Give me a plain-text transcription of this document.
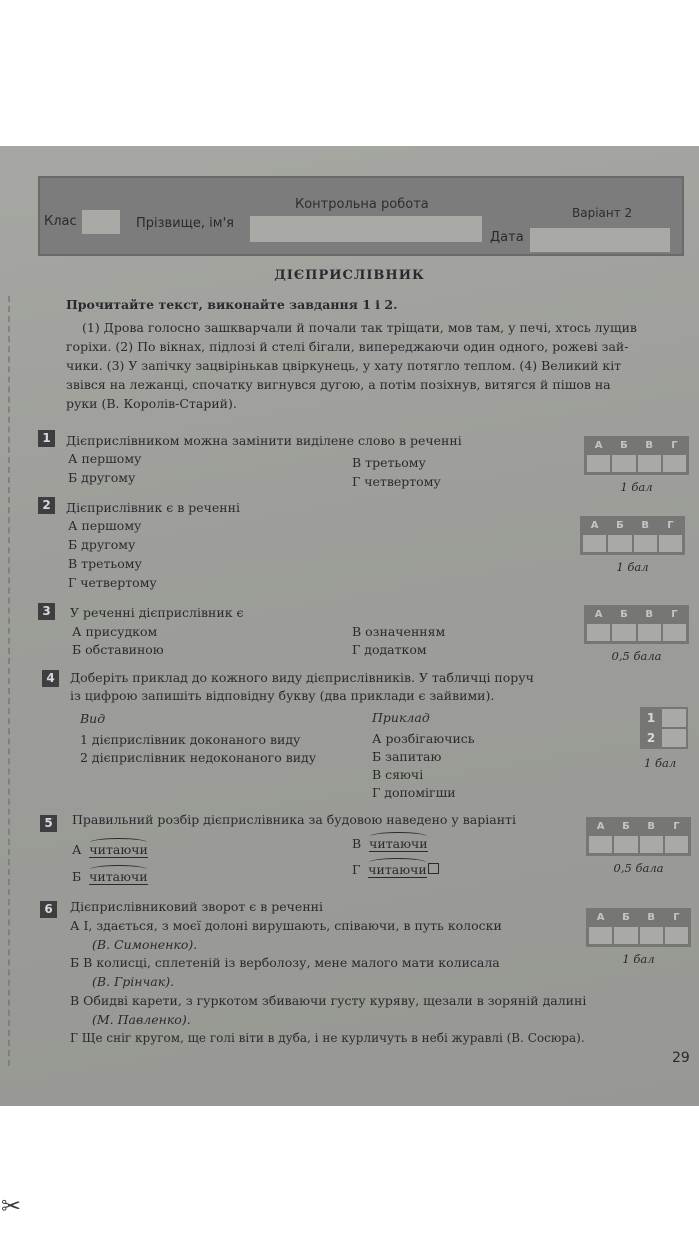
✂
Контрольна робота
Варіант 2
Клас	Прізвище, ім'я
Дата
ДІЄПРИСЛІВНИК
Прочитайте текст, виконайте завдання 1 і 2.
(1) Дрова голосно зашкварчали й почали так тріщати, мов там, у печі, хтось лущив
горіхи. (2) По вікнах, підлозі й стелі бігали, випереджаючи один одного, рожеві зай-
чики. (3) У запічку зацвірінькав цвіркунець, у хату потягло теплом. (4) Великий кіт
звівся на лежанці, спочатку вигнувся дугою, а потім позіхнув, витягся й пішов на
руки (В. Королів-Старий).
1	Дієприслівником можна замінити виділене слово в реченні
А першому
Б другому
В третьому
Г четвертому
А	Б	В	Г
1 бал
2	Дієприслівник є в реченні
А першому
Б другому
В третьому
Г четвертому
А	Б	В	Г
1 бал
3	У реченні дієприслівник є
А присудком
Б обставиною
В означенням
Г додатком
А	Б	В	Г
0,5 бала
4	Доберіть приклад до кожного виду дієприслівників. У табличці поруч
із цифрою запишіть відповідну букву (два приклади є зайвими).
Вид	Приклад
1 дієприслівник доконаного виду
2 дієприслівник недоконаного виду
А розбігаючись
Б запитаю
В сяючі
Г допомігши
1
2
1 бал
5	Правильний розбір дієприслівника за будовою наведено у варіанті
А читаючи
Б читаючи
В читаючи
Г читаючи
А	Б	В	Г
0,5 бала
6	Дієприслівниковий зворот є в реченні
А І, здається, з моєї долоні вирушають, співаючи, в путь колоски
(В. Симоненко).
Б В колисці, сплетеній із верболозу, мене малого мати колисала
(В. Грінчак).
В Обидві карети, з гуркотом збиваючи густу куряву, щезали в зоряній далині
(М. Павленко).
Г Ще сніг кругом, ще голі віти в дуба, і не курличуть в небі журавлі (В. Сосюра).
А	Б	В	Г
1 бал
29
